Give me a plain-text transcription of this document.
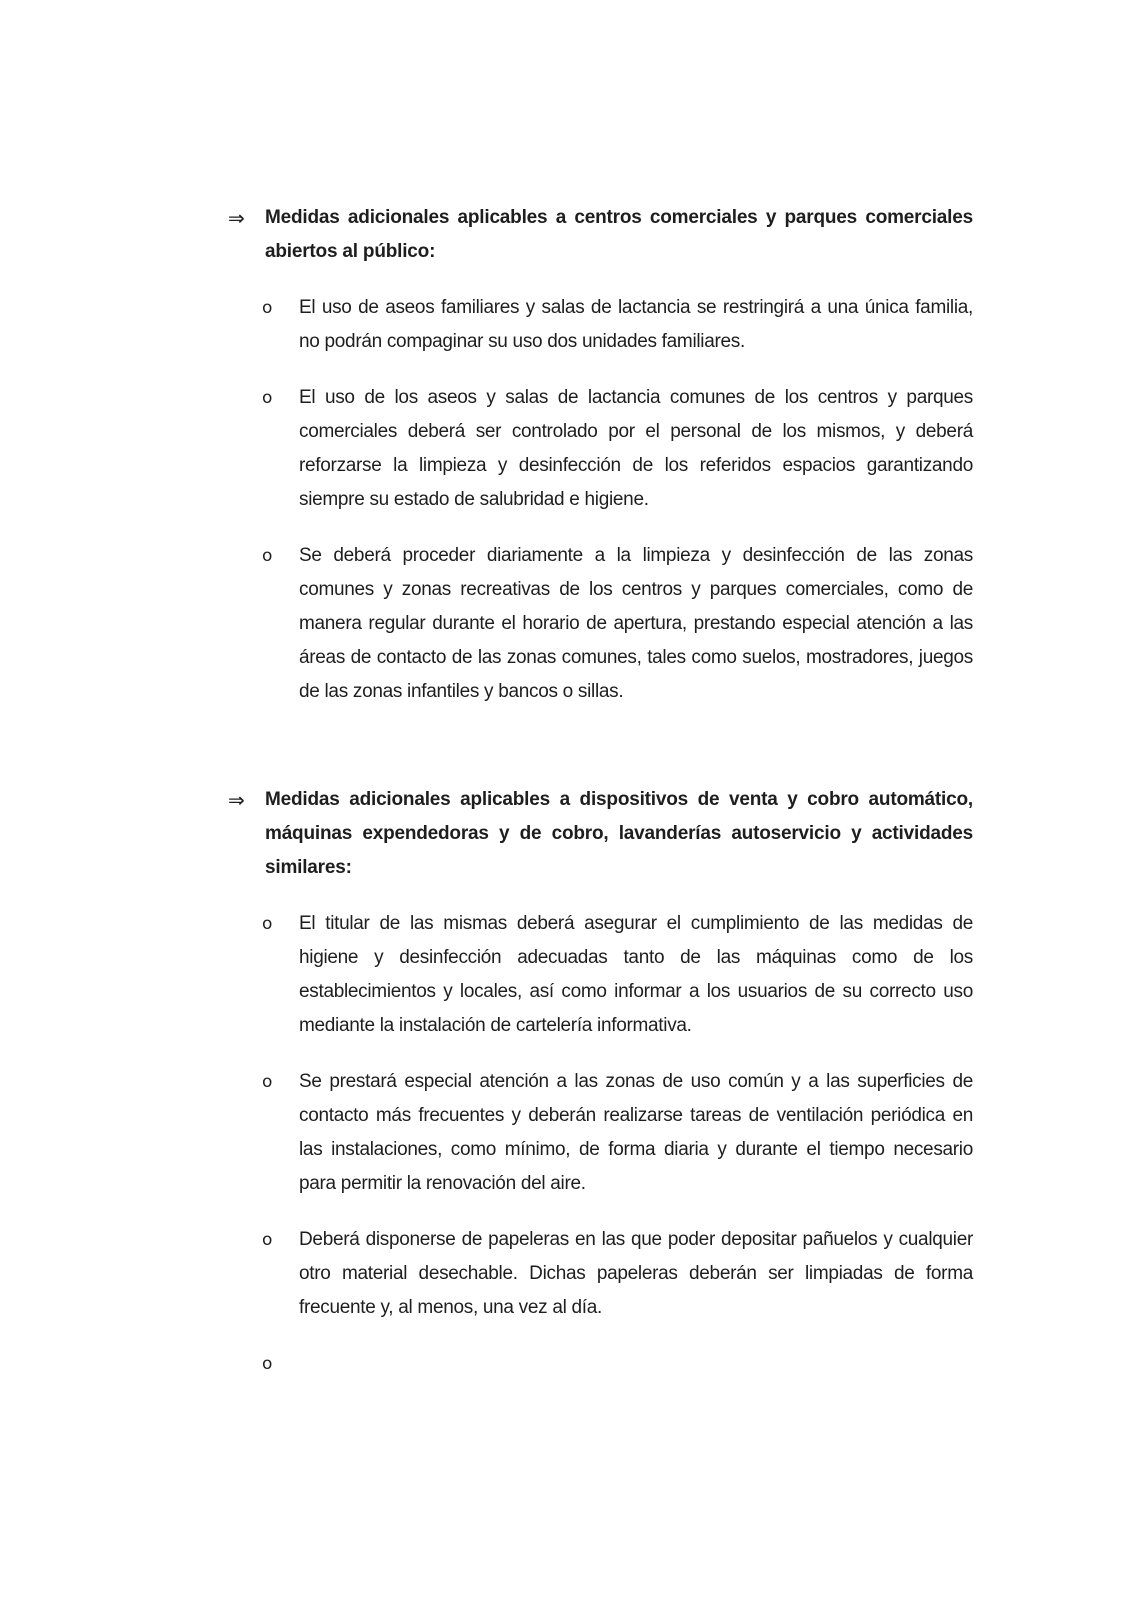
⇒ Medidas adicionales aplicables a centros comerciales y parques comerciales abiertos al público:
o El uso de aseos familiares y salas de lactancia se restringirá a una única familia, no podrán compaginar su uso dos unidades familiares.
o El uso de los aseos y salas de lactancia comunes de los centros y parques comerciales deberá ser controlado por el personal de los mismos, y deberá reforzarse la limpieza y desinfección de los referidos espacios garantizando siempre su estado de salubridad e higiene.
o Se deberá proceder diariamente a la limpieza y desinfección de las zonas comunes y zonas recreativas de los centros y parques comerciales, como de manera regular durante el horario de apertura, prestando especial atención a las áreas de contacto de las zonas comunes, tales como suelos, mostradores, juegos de las zonas infantiles y bancos o sillas.
⇒ Medidas adicionales aplicables a dispositivos de venta y cobro automático, máquinas expendedoras y de cobro, lavanderías autoservicio y actividades similares:
o El titular de las mismas deberá asegurar el cumplimiento de las medidas de higiene y desinfección adecuadas tanto de las máquinas como de los establecimientos y locales, así como informar a los usuarios de su correcto uso mediante la instalación de cartelería informativa.
o Se prestará especial atención a las zonas de uso común y a las superficies de contacto más frecuentes y deberán realizarse tareas de ventilación periódica en las instalaciones, como mínimo, de forma diaria y durante el tiempo necesario para permitir la renovación del aire.
o Deberá disponerse de papeleras en las que poder depositar pañuelos y cualquier otro material desechable. Dichas papeleras deberán ser limpiadas de forma frecuente y, al menos, una vez al día.
o
